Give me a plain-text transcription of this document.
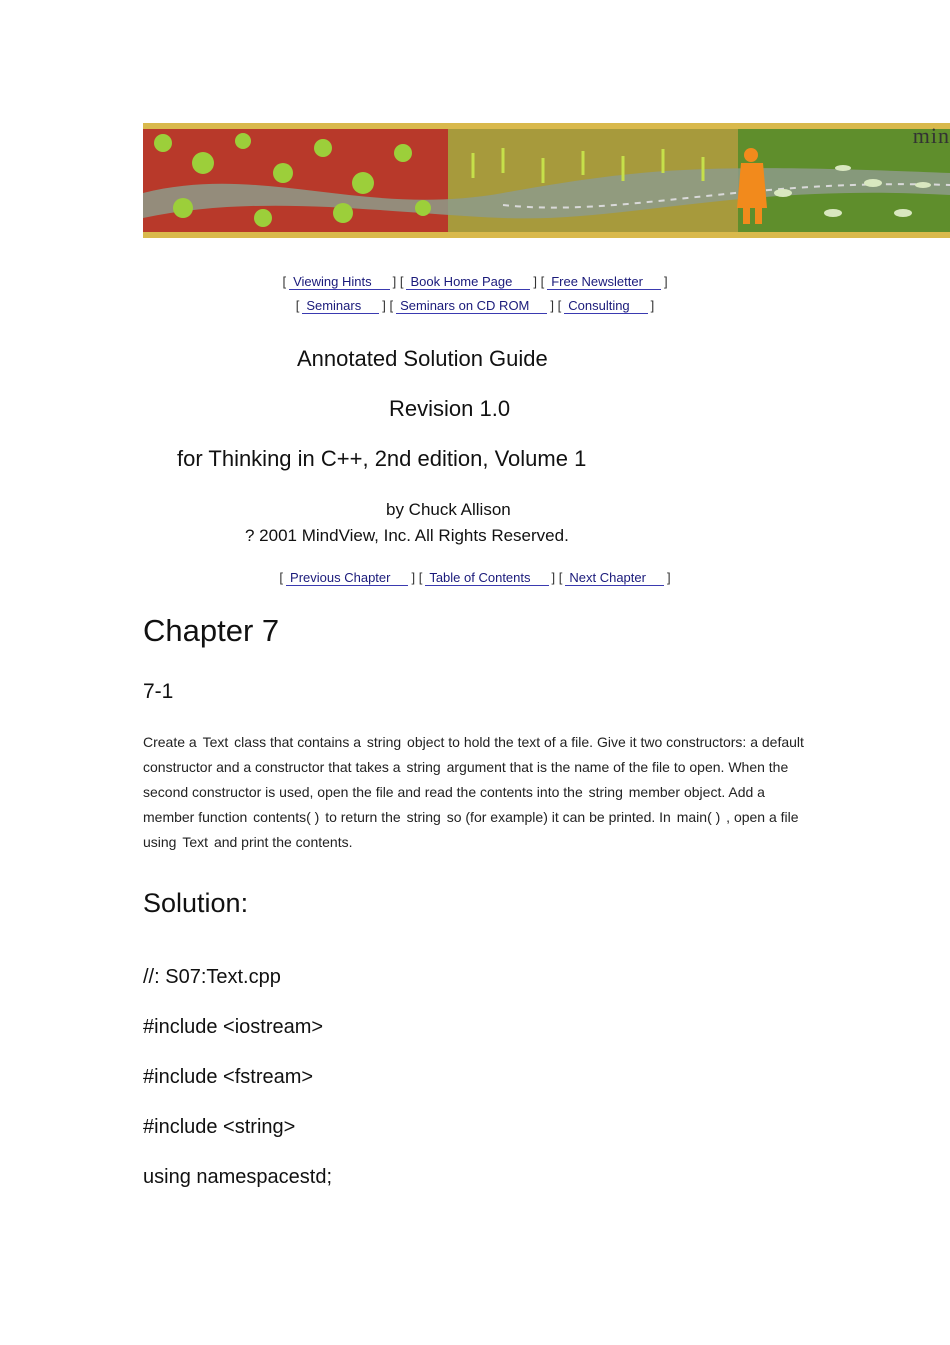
min
[ Viewing Hints ] [ Book Home Page ] [ Free Newsletter ]
[ Seminars ] [ Seminars on CD ROM ] [ Consulting ]
Annotated Solution Guide
Revision 1.0
for Thinking in C++, 2nd edition, Volume 1
by Chuck Allison
? 2001 MindView, Inc. All Rights Reserved.
[ Previous Chapter ] [ Table of Contents ] [ Next Chapter ]
Chapter 7
7-1
Create a Text class that contains a string object to hold the text of a file. Give it two constructors: a default constructor and a constructor that takes a string argument that is the name of the file to open. When the second constructor is used, open the file and read the contents into the string member object. Add a member function contents( ) to return the string so (for example) it can be printed. In main( ) , open a file using Text and print the contents.
Solution:
//: S07:Text.cpp
#include <iostream>
#include <fstream>
#include <string>
using namespacestd;
